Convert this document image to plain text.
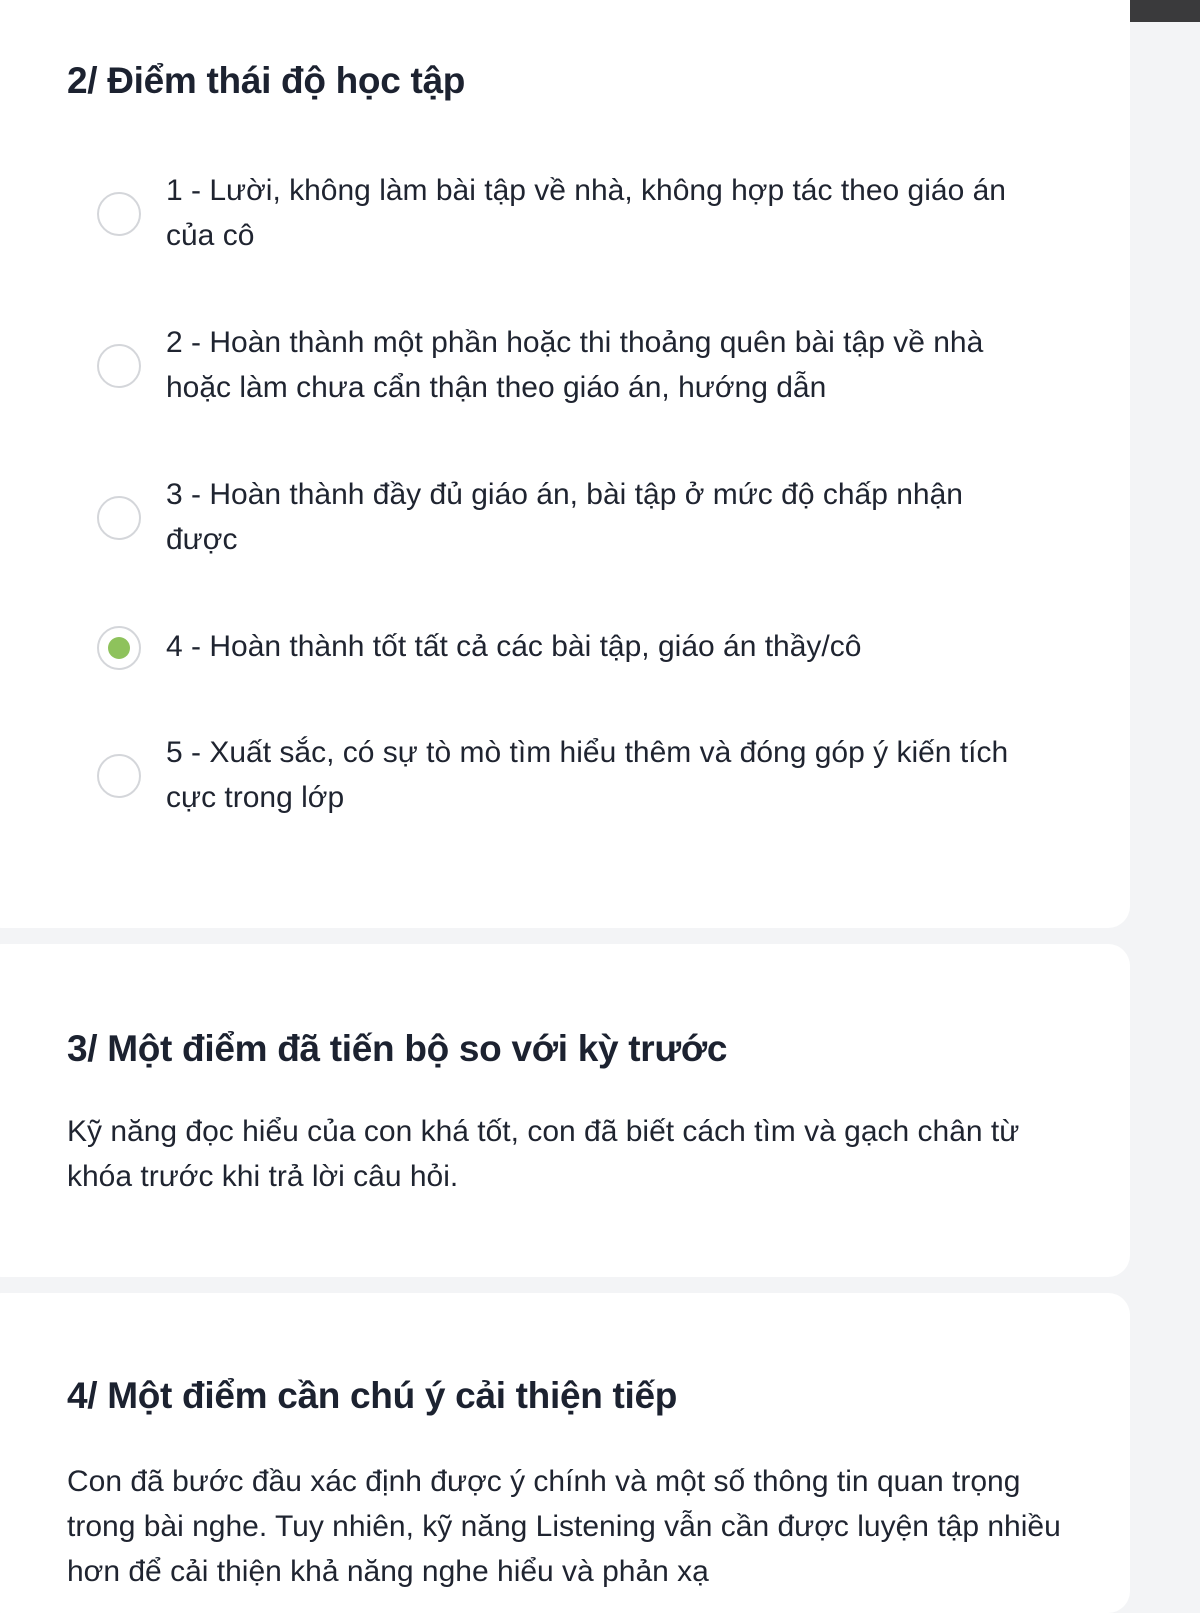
2/ Điểm thái độ học tập
1 - Lười, không làm bài tập về nhà, không hợp tác theo giáo án của cô
2 - Hoàn thành một phần hoặc thi thoảng quên bài tập về nhà hoặc làm chưa cẩn thận theo giáo án, hướng dẫn
3 - Hoàn thành đầy đủ giáo án, bài tập ở mức độ chấp nhận được
4 - Hoàn thành tốt tất cả các bài tập, giáo án thầy/cô
5 - Xuất sắc, có sự tò mò tìm hiểu thêm và đóng góp ý kiến tích cực trong lớp
3/ Một điểm đã tiến bộ so với kỳ trước

Kỹ năng đọc hiểu của con khá tốt, con đã biết cách tìm và gạch chân từ khóa trước khi trả lời câu hỏi.

4/ Một điểm cần chú ý cải thiện tiếp

Con đã bước đầu xác định được ý chính và một số thông tin quan trọng trong bài nghe. Tuy nhiên, kỹ năng Listening vẫn cần được luyện tập nhiều hơn để cải thiện khả năng nghe hiểu và phản xạ
